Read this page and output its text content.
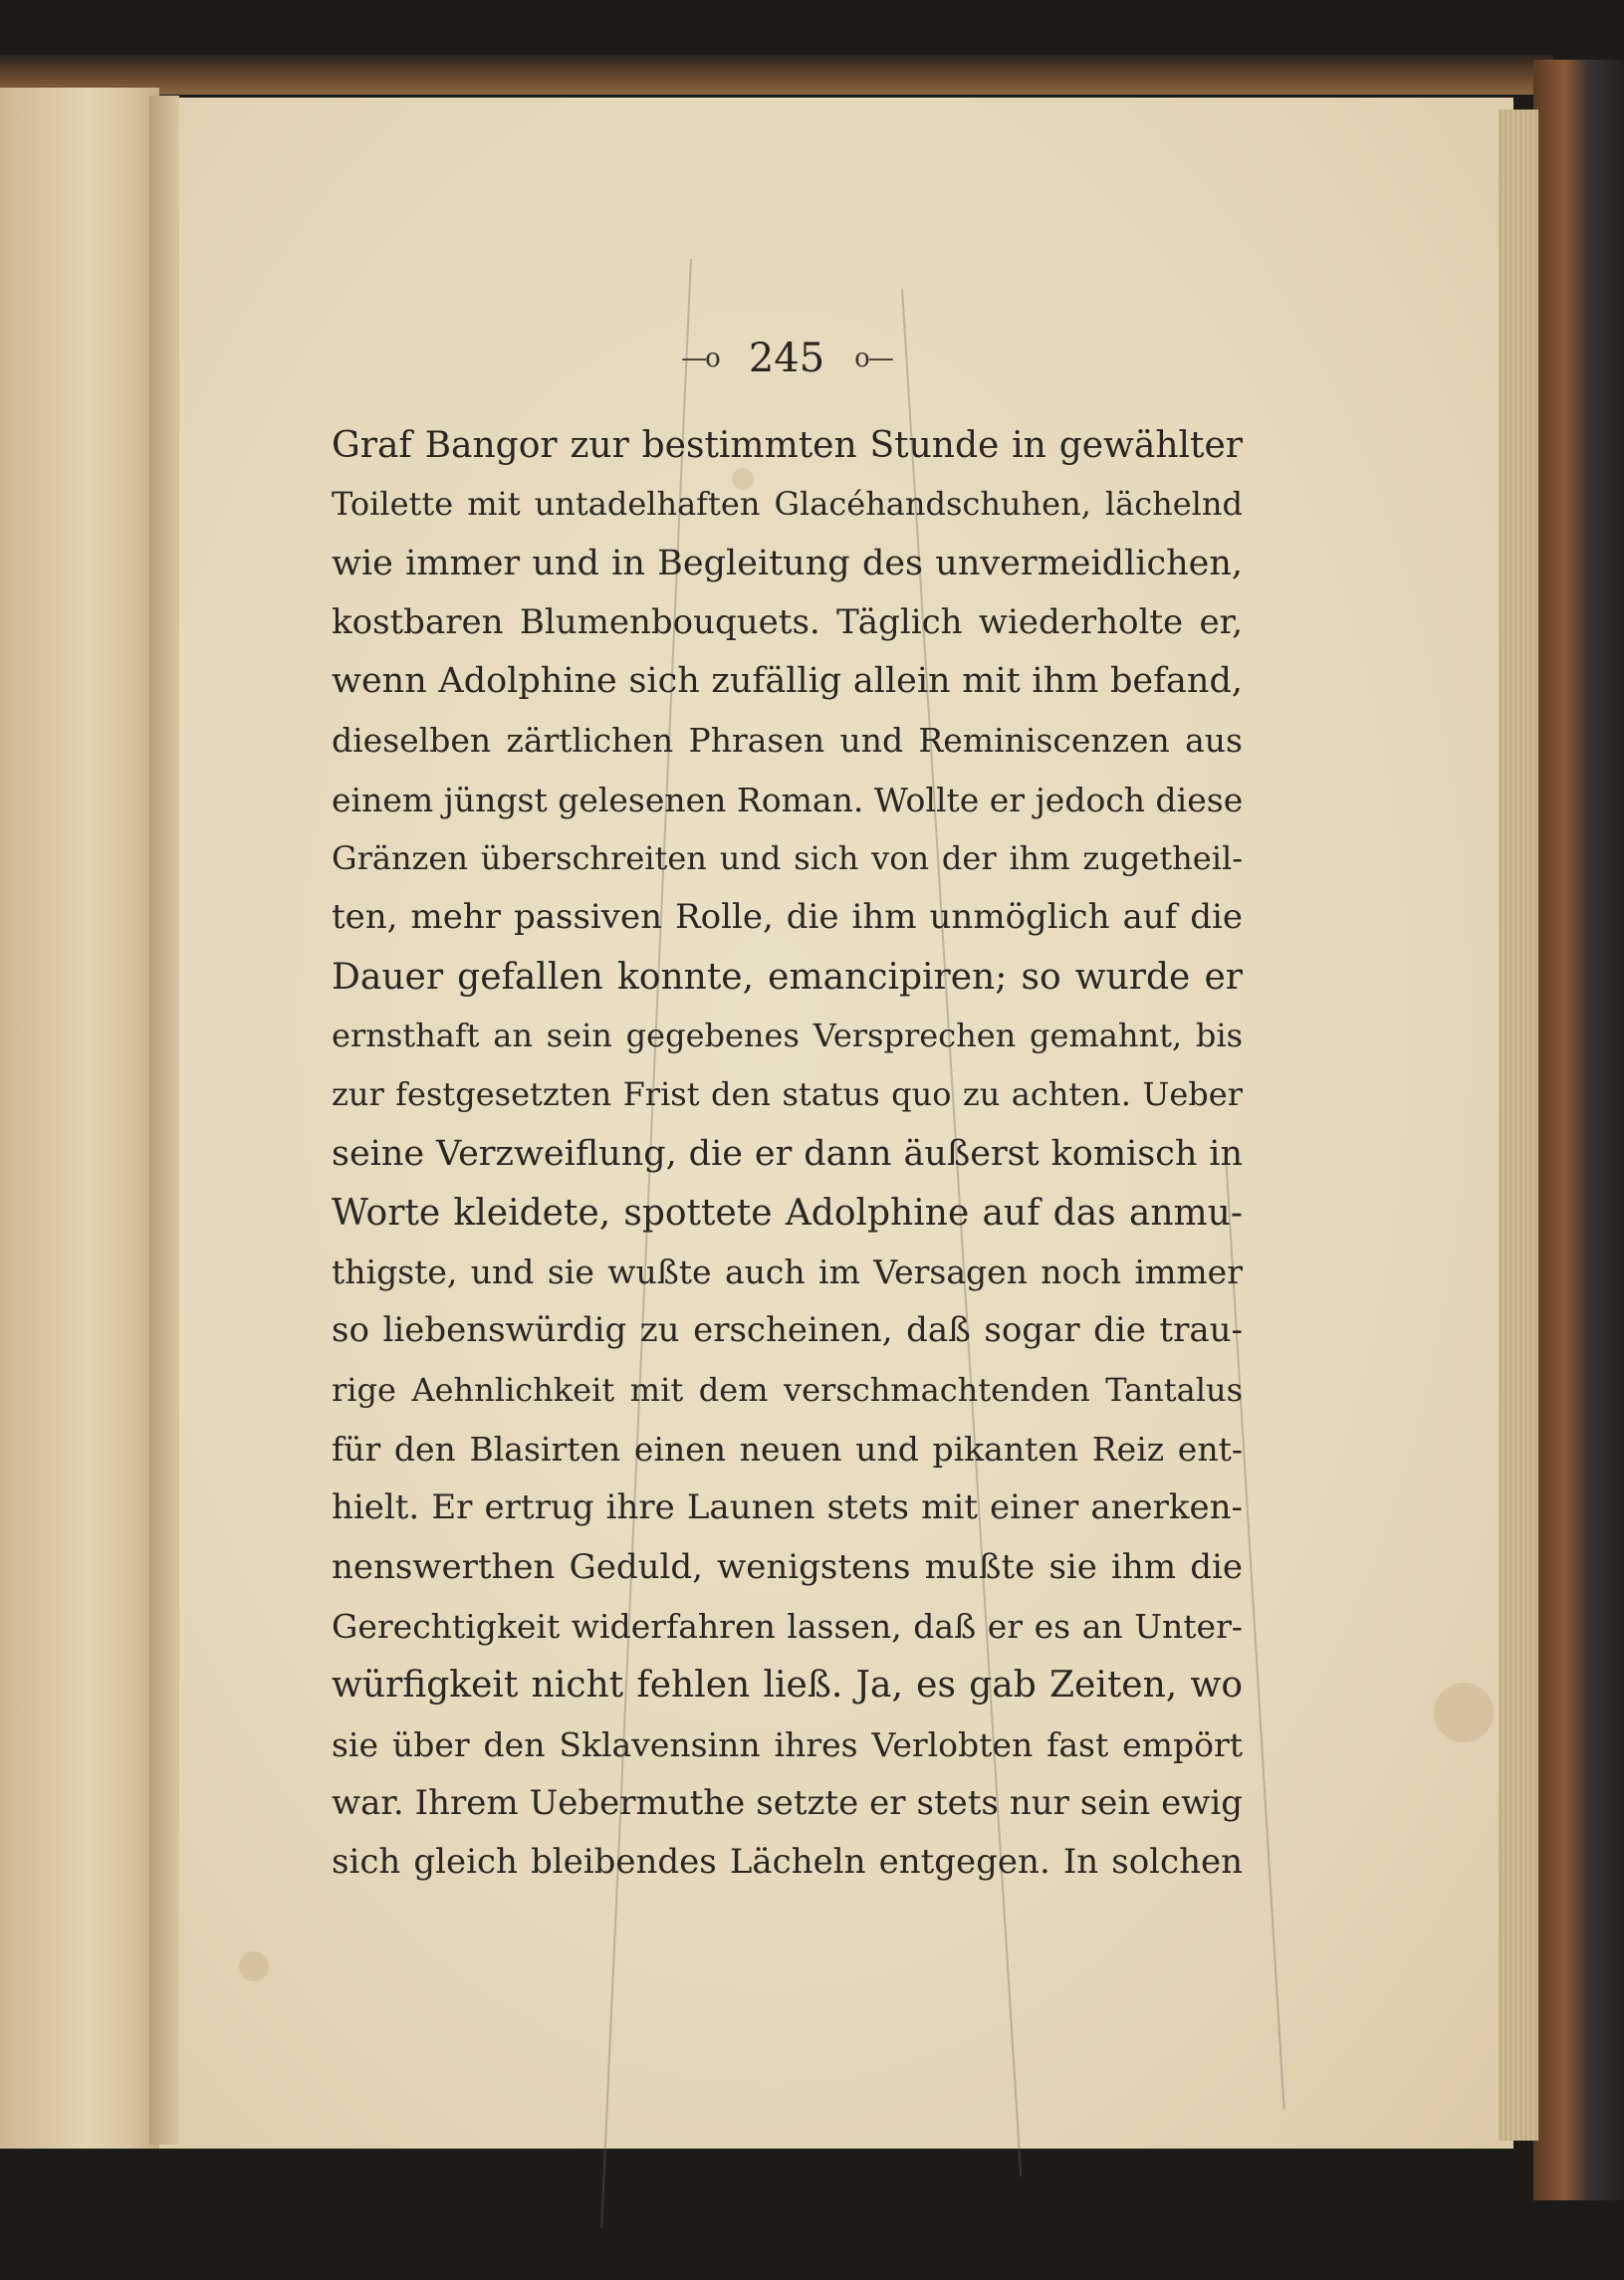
—o 245 o—
Graf Bangor zur bestimmten Stunde in gewählter
Toilette mit untadelhaften Glacéhandschuhen, lächelnd
wie immer und in Begleitung des unvermeidlichen,
kostbaren Blumenbouquets. Täglich wiederholte er,
wenn Adolphine sich zufällig allein mit ihm befand,
dieselben zärtlichen Phrasen und Reminiscenzen aus
einem jüngst gelesenen Roman. Wollte er jedoch diese
Gränzen überschreiten und sich von der ihm zugetheil-
ten, mehr passiven Rolle, die ihm unmöglich auf die
Dauer gefallen konnte, emancipiren; so wurde er
ernsthaft an sein gegebenes Versprechen gemahnt, bis
zur festgesetzten Frist den status quo zu achten. Ueber
seine Verzweiflung, die er dann äußerst komisch in
Worte kleidete, spottete Adolphine auf das anmu-
thigste, und sie wußte auch im Versagen noch immer
so liebenswürdig zu erscheinen, daß sogar die trau-
rige Aehnlichkeit mit dem verschmachtenden Tantalus
für den Blasirten einen neuen und pikanten Reiz ent-
hielt. Er ertrug ihre Launen stets mit einer anerken-
nenswerthen Geduld, wenigstens mußte sie ihm die
Gerechtigkeit widerfahren lassen, daß er es an Unter-
würfigkeit nicht fehlen ließ. Ja, es gab Zeiten, wo
sie über den Sklavensinn ihres Verlobten fast empört
war. Ihrem Uebermuthe setzte er stets nur sein ewig
sich gleich bleibendes Lächeln entgegen. In solchen
